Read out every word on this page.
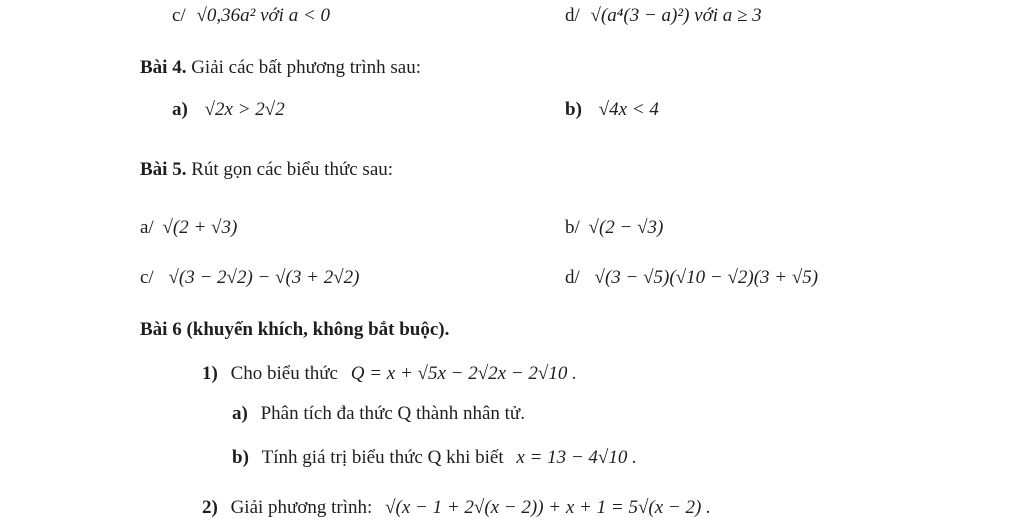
c/ √0,36a² với a < 0	d/ √(a⁴(3 − a)²) với a ≥ 3
Bài 4. Giải các bất phương trình sau:
a) √2x > 2√2	b) √4x < 4
Bài 5. Rút gọn các biểu thức sau:
a/ √(2 + √3)	b/ √(2 − √3)
c/ √(3 − 2√2) − √(3 + 2√2)	d/ √(3 − √5)(√10 − √2)(3 + √5)
Bài 6 (khuyến khích, không bắt buộc).
1) Cho biểu thức Q = x + √5x − 2√2x − 2√10 .
a) Phân tích đa thức Q thành nhân tử.
b) Tính giá trị biểu thức Q khi biết x = 13 − 4√10 .
2) Giải phương trình: √(x − 1 + 2√(x − 2)) + x + 1 = 5√(x − 2) .
